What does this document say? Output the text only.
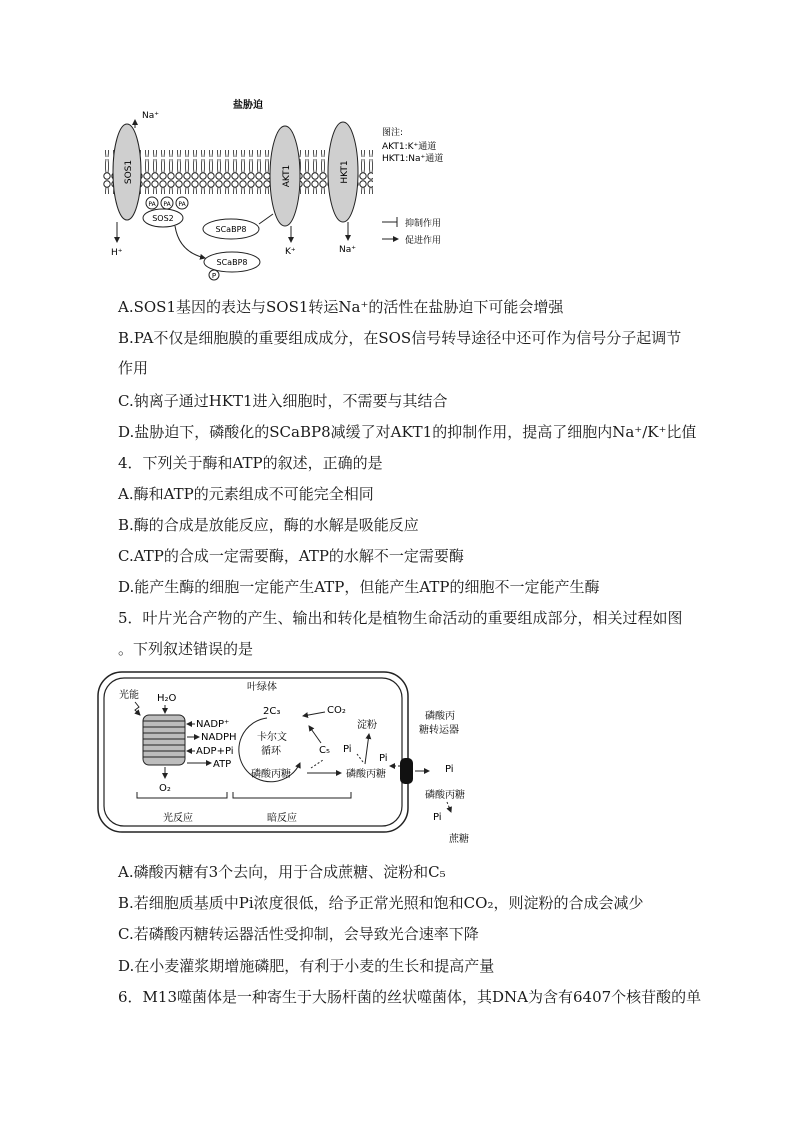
盐胁迫
SOS1
Na⁺
H⁺
PA PA PA
SOS2
SCaBP8
SCaBP8
P
AKT1
K⁺
HKT1
Na⁺
图注:
AKT1:K⁺通道
HKT1:Na⁺通道
抑制作用
促进作用
A.SOS1基因的表达与SOS1转运Na⁺的活性在盐胁迫下可能会增强
B.PA不仅是细胞膜的重要组成成分，在SOS信号转导途径中还可作为信号分子起调节
作用
C.钠离子通过HKT1进入细胞时，不需要与其结合
D.盐胁迫下，磷酸化的SCaBP8减缓了对AKT1的抑制作用，提高了细胞内Na⁺/K⁺比值
4．下列关于酶和ATP的叙述，正确的是
A.酶和ATP的元素组成不可能完全相同
B.酶的合成是放能反应，酶的水解是吸能反应
C.ATP的合成一定需要酶，ATP的水解不一定需要酶
D.能产生酶的细胞一定能产生ATP，但能产生ATP的细胞不一定能产生酶
5．叶片光合产物的产生、输出和转化是植物生命活动的重要组成部分，相关过程如图
。下列叙述错误的是
叶绿体
光能 H₂O
O₂
NADP⁺
NADPH
ADP+Pi
ATP
2C₃	CO₂
卡尔文
循环	C₅
磷酸丙糖
淀粉
Pi
磷酸丙糖
Pi
磷酸丙
糖转运器
Pi
磷酸丙糖
Pi
蔗糖
光反应	暗反应
A.磷酸丙糖有3个去向，用于合成蔗糖、淀粉和C₅
B.若细胞质基质中Pi浓度很低，给予正常光照和饱和CO₂，则淀粉的合成会减少
C.若磷酸丙糖转运器活性受抑制，会导致光合速率下降
D.在小麦灌浆期增施磷肥，有利于小麦的生长和提高产量
6．M13噬菌体是一种寄生于大肠杆菌的丝状噬菌体，其DNA为含有6407个核苷酸的单
